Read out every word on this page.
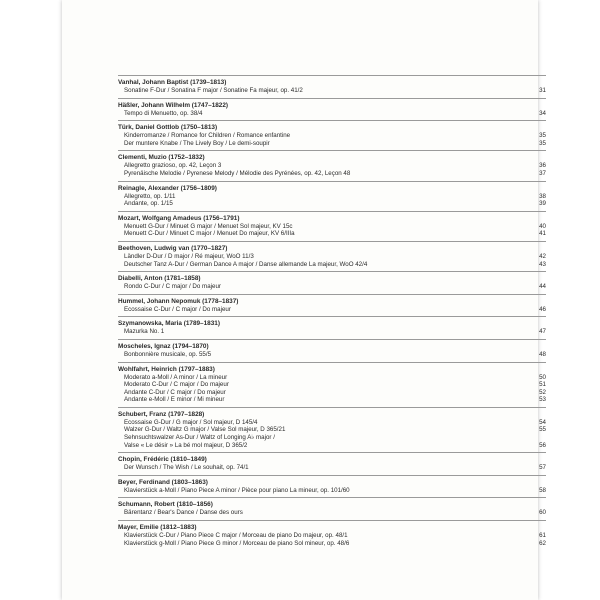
Vanhal, Johann Baptist (1739–1813)
Sonatine F-Dur / Sonatina F major / Sonatine Fa majeur, op. 41/2	31
Häßler, Johann Wilhelm (1747–1822)
Tempo di Menuetto, op. 38/4	34
Türk, Daniel Gottlob (1750–1813)
Kinderromanze / Romance for Children / Romance enfantine	35
Der muntere Knabe / The Lively Boy / Le demi-soupir	35
Clementi, Muzio (1752–1832)
Allegretto grazioso, op. 42, Leçon 3	36
Pyrenäische Melodie / Pyrenese Melody / Mélodie des Pyrénées, op. 42, Leçon 48	37
Reinagle, Alexander (1756–1809)
Allegretto, op. 1/11	38
Andante, op. 1/15	39
Mozart, Wolfgang Amadeus (1756–1791)
Menuett G-Dur / Minuet G major / Menuet Sol majeur, KV 15c	40
Menuett C-Dur / Minuet C major / Menuet Do majeur, KV 6/IIIa	41
Beethoven, Ludwig van (1770–1827)
Ländler D-Dur / D major / Ré majeur, WoO 11/3	42
Deutscher Tanz A-Dur / German Dance A major / Danse allemande La majeur, WoO 42/4	43
Diabelli, Anton (1781–1858)
Rondo C-Dur / C major / Do majeur	44
Hummel, Johann Nepomuk (1778–1837)
Ecossaise C-Dur / C major / Do majeur	46
Szymanowska, Maria (1789–1831)
Mazurka No. 1	47
Moscheles, Ignaz (1794–1870)
Bonbonnière musicale, op. 55/5	48
Wohlfahrt, Heinrich (1797–1883)
Moderato a-Moll / A minor / La mineur	50
Moderato C-Dur / C major / Do majeur	51
Andante C-Dur / C major / Do majeur	52
Andante e-Moll / E minor / Mi mineur	53
Schubert, Franz (1797–1828)
Ecossaise G-Dur / G major / Sol majeur, D 145/4	54
Walzer G-Dur / Waltz G major / Valse Sol majeur, D 365/21	55
Sehnsuchtswalzer As-Dur / Waltz of Longing A♭ major /
Valse « Le désir » La bé mol majeur, D 365/2	56
Chopin, Frédéric (1810–1849)
Der Wunsch / The Wish / Le souhait, op. 74/1	57
Beyer, Ferdinand (1803–1863)
Klavierstück a-Moll / Piano Piece A minor / Pièce pour piano La mineur, op. 101/60	58
Schumann, Robert (1810–1856)
Bärentanz / Bear's Dance / Danse des ours	60
Mayer, Emilie (1812–1883)
Klavierstück C-Dur / Piano Piece C major / Morceau de piano Do majeur, op. 48/1	61
Klavierstück g-Moll / Piano Piece G minor / Morceau de piano Sol mineur, op. 48/6	62
